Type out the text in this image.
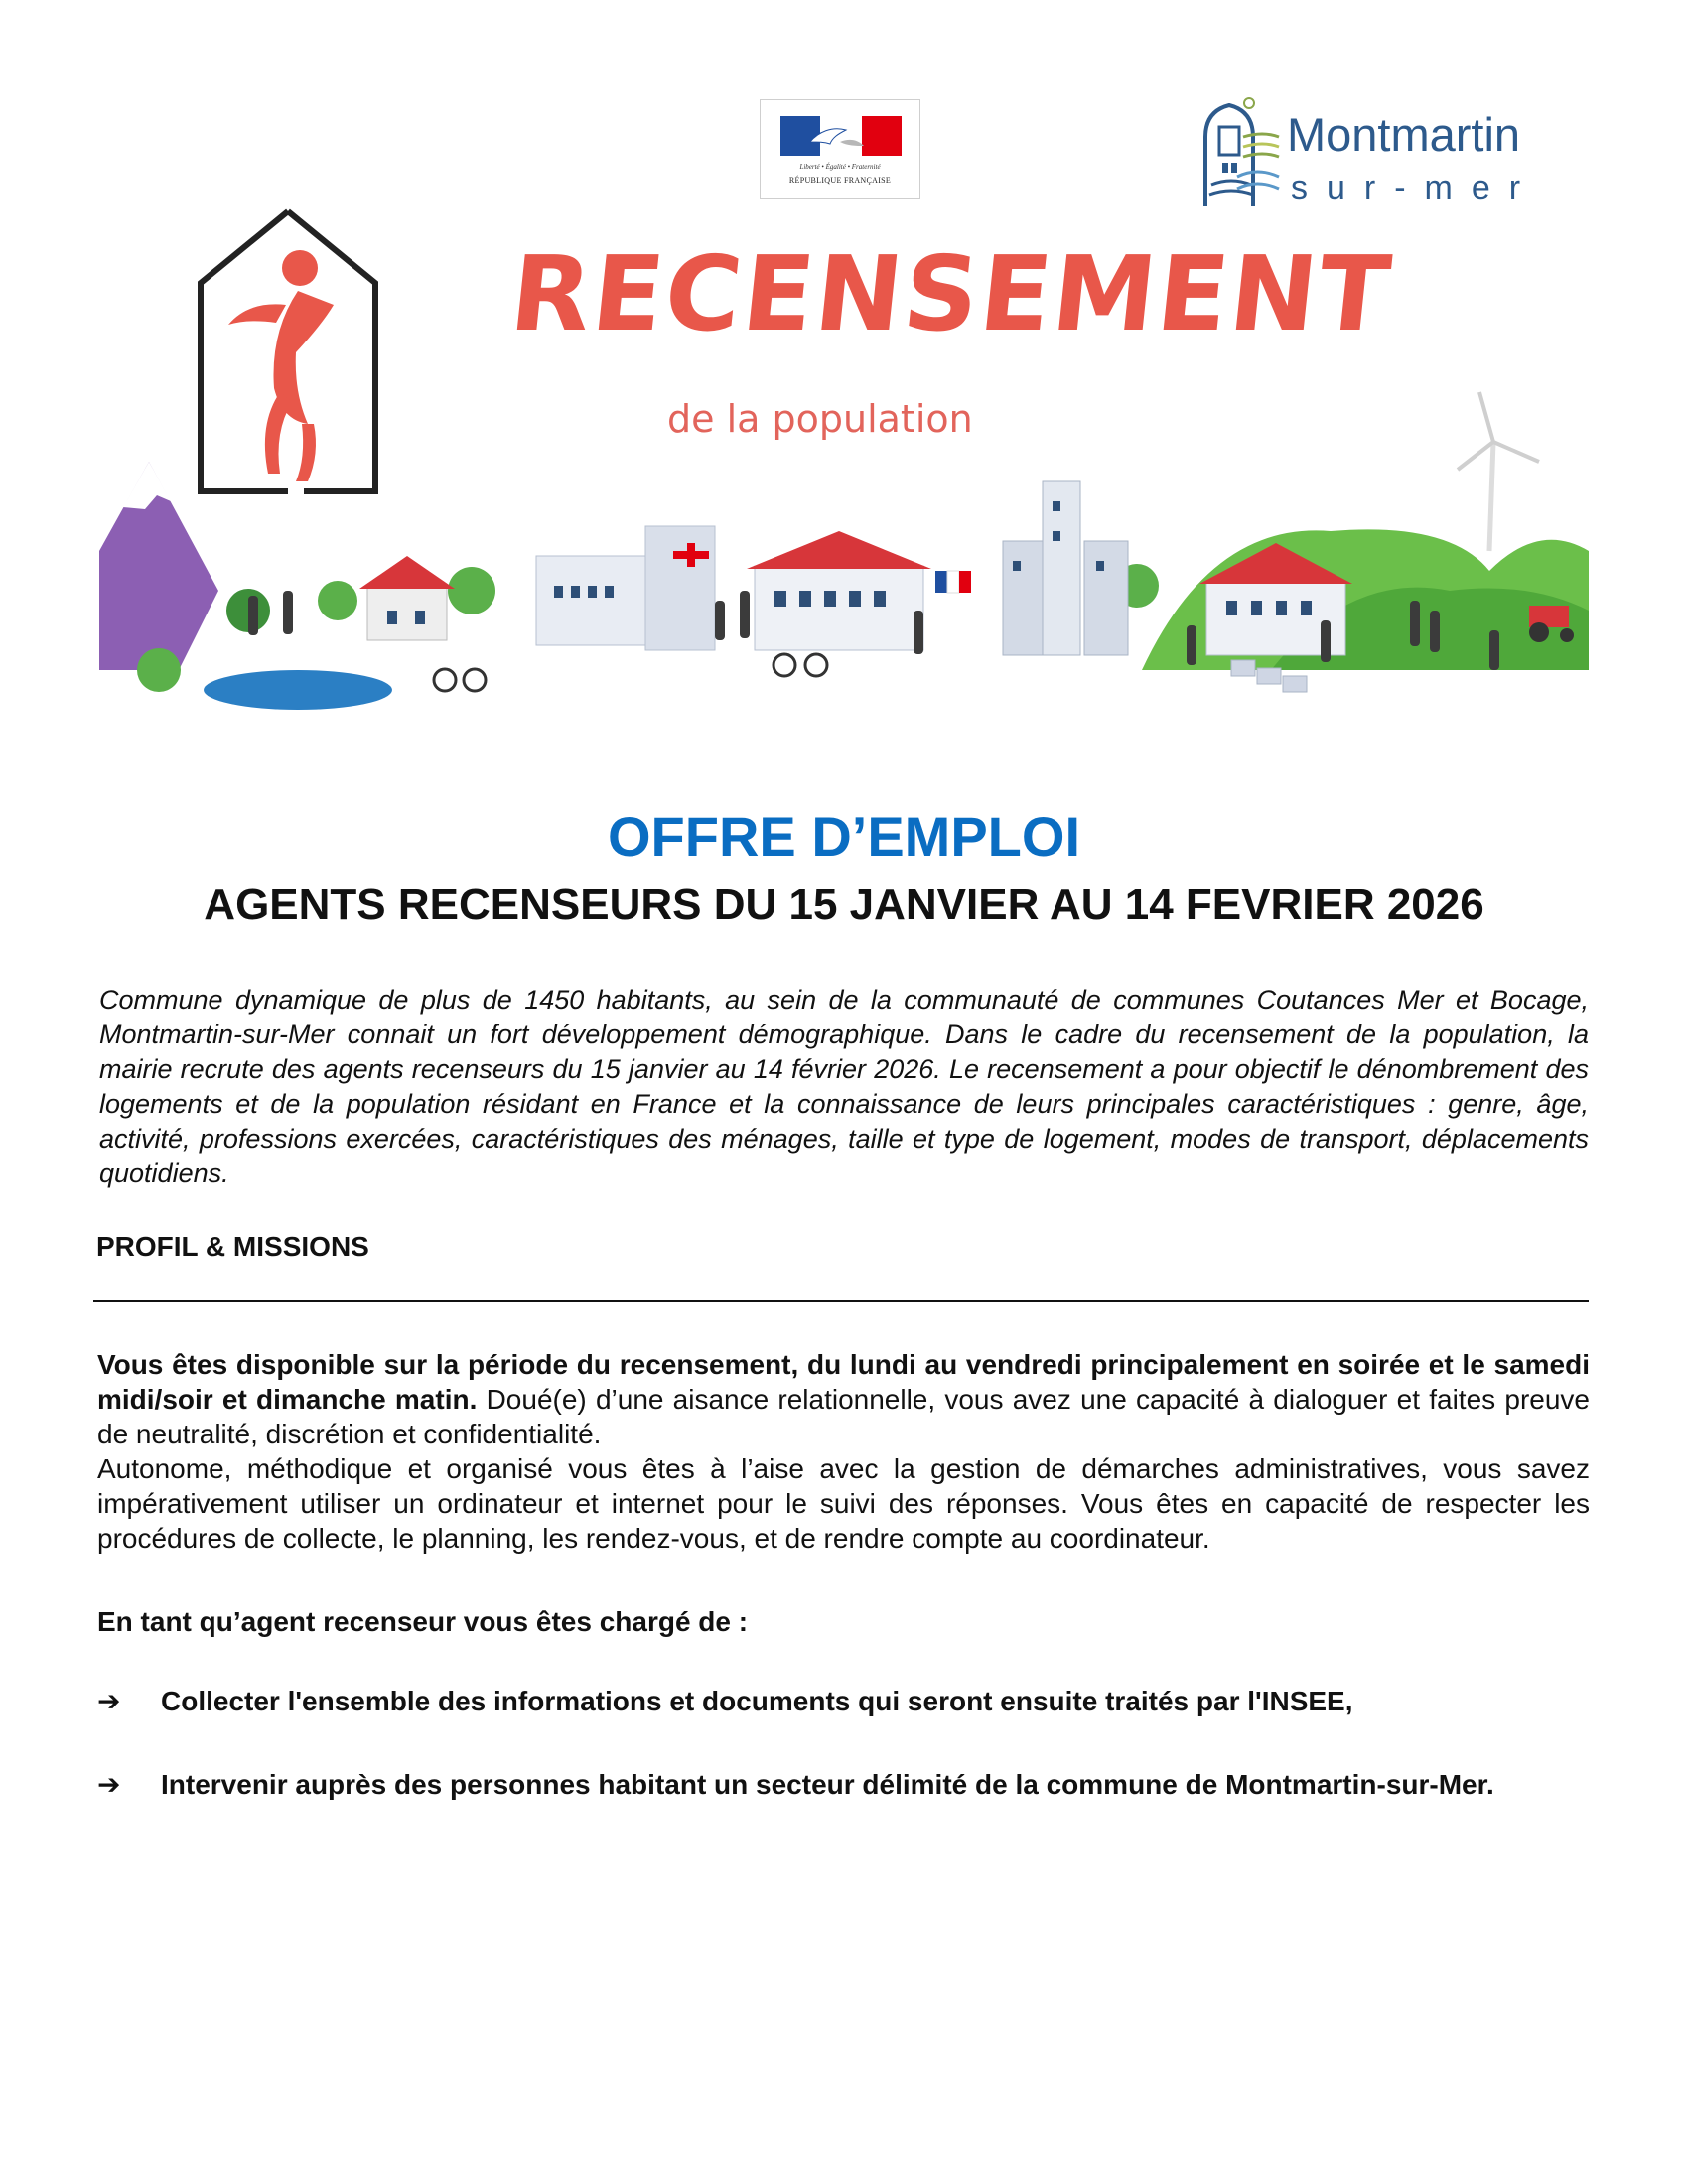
Liberté • Égalité • Fraternité
RÉPUBLIQUE FRANÇAISE
Montmartin
sur-mer
RECENSEMENT
de la population
OFFRE D’EMPLOI
AGENTS RECENSEURS DU 15 JANVIER AU 14 FEVRIER 2026

Commune dynamique de plus de 1450 habitants, au sein de la communauté de communes Coutances Mer et Bocage, Montmartin-sur-Mer connait un fort développement démographique. Dans le cadre du recensement de la population, la mairie recrute des agents recenseurs du 15 janvier au 14 février 2026. Le recensement a pour objectif le dénombrement des logements et de la population résidant en France et la connaissance de leurs principales caractéristiques : genre, âge, activité, professions exercées, caractéristiques des ménages, taille et type de logement, modes de transport, déplacements quotidiens.

PROFIL & MISSIONS

Vous êtes disponible sur la période du recensement, du lundi au vendredi principalement en soirée et le samedi midi/soir et dimanche matin. Doué(e) d’une aisance relationnelle, vous avez une capacité à dialoguer et faites preuve de neutralité, discrétion et confidentialité.

Autonome, méthodique et organisé vous êtes à l’aise avec la gestion de démarches administratives, vous savez impérativement utiliser un ordinateur et internet pour le suivi des réponses. Vous êtes en capacité de respecter les procédures de collecte, le planning, les rendez-vous, et de rendre compte au coordinateur.

En tant qu’agent recenseur vous êtes chargé de :

➔ Collecter l'ensemble des informations et documents qui seront ensuite traités par l'INSEE,

➔ Intervenir auprès des personnes habitant un secteur délimité de la commune de Montmartin-sur-Mer.
